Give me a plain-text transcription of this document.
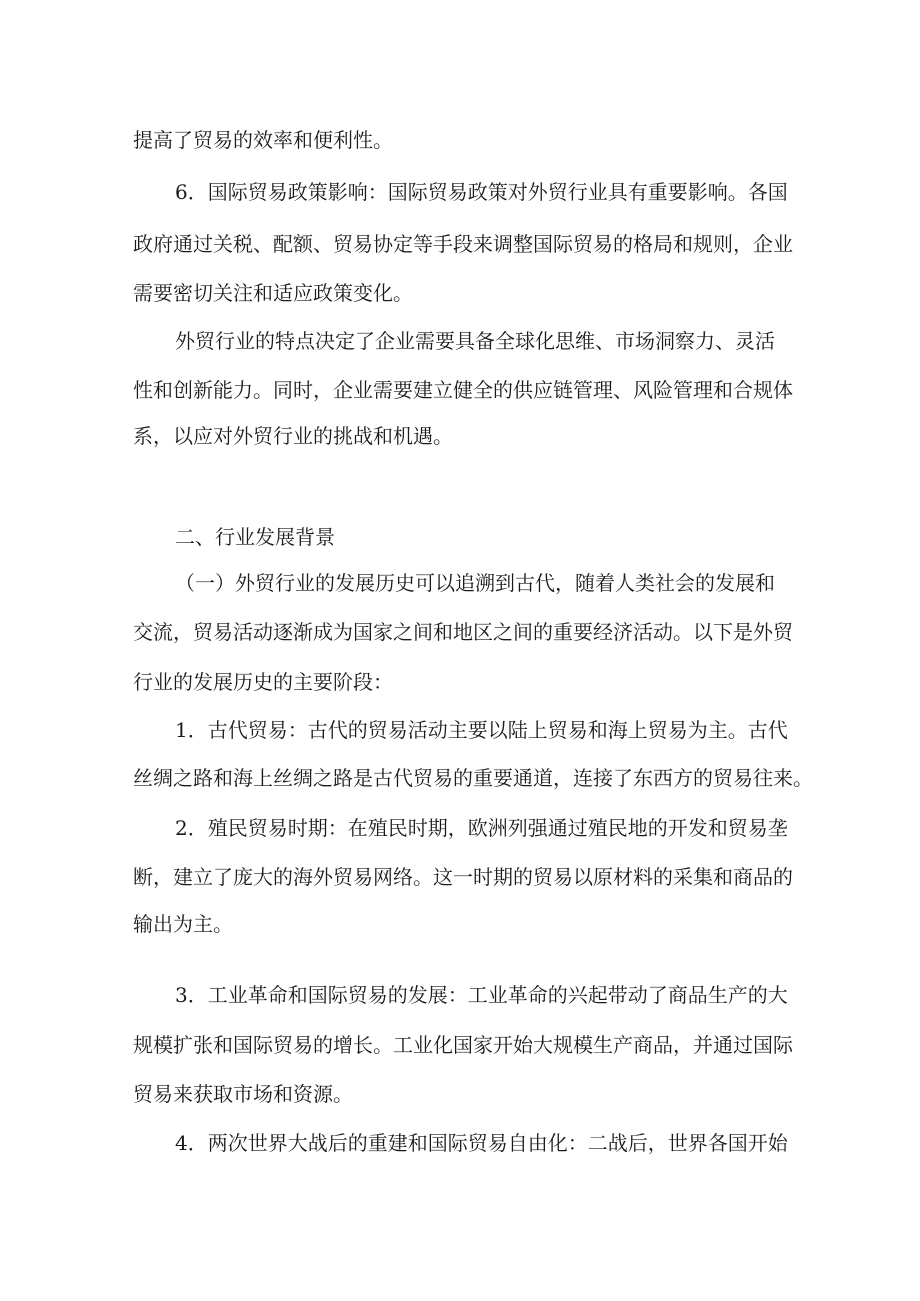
提高了贸易的效率和便利性。
6．国际贸易政策影响：国际贸易政策对外贸行业具有重要影响。各国
政府通过关税、配额、贸易协定等手段来调整国际贸易的格局和规则，企业
需要密切关注和适应政策变化。
外贸行业的特点决定了企业需要具备全球化思维、市场洞察力、灵活
性和创新能力。同时，企业需要建立健全的供应链管理、风险管理和合规体
系，以应对外贸行业的挑战和机遇。
二、行业发展背景
（一）外贸行业的发展历史可以追溯到古代，随着人类社会的发展和
交流，贸易活动逐渐成为国家之间和地区之间的重要经济活动。以下是外贸
行业的发展历史的主要阶段：
1．古代贸易：古代的贸易活动主要以陆上贸易和海上贸易为主。古代
丝绸之路和海上丝绸之路是古代贸易的重要通道，连接了东西方的贸易往来。
2．殖民贸易时期：在殖民时期，欧洲列强通过殖民地的开发和贸易垄
断，建立了庞大的海外贸易网络。这一时期的贸易以原材料的采集和商品的
输出为主。
3．工业革命和国际贸易的发展：工业革命的兴起带动了商品生产的大
规模扩张和国际贸易的增长。工业化国家开始大规模生产商品，并通过国际
贸易来获取市场和资源。
4．两次世界大战后的重建和国际贸易自由化：二战后，世界各国开始
